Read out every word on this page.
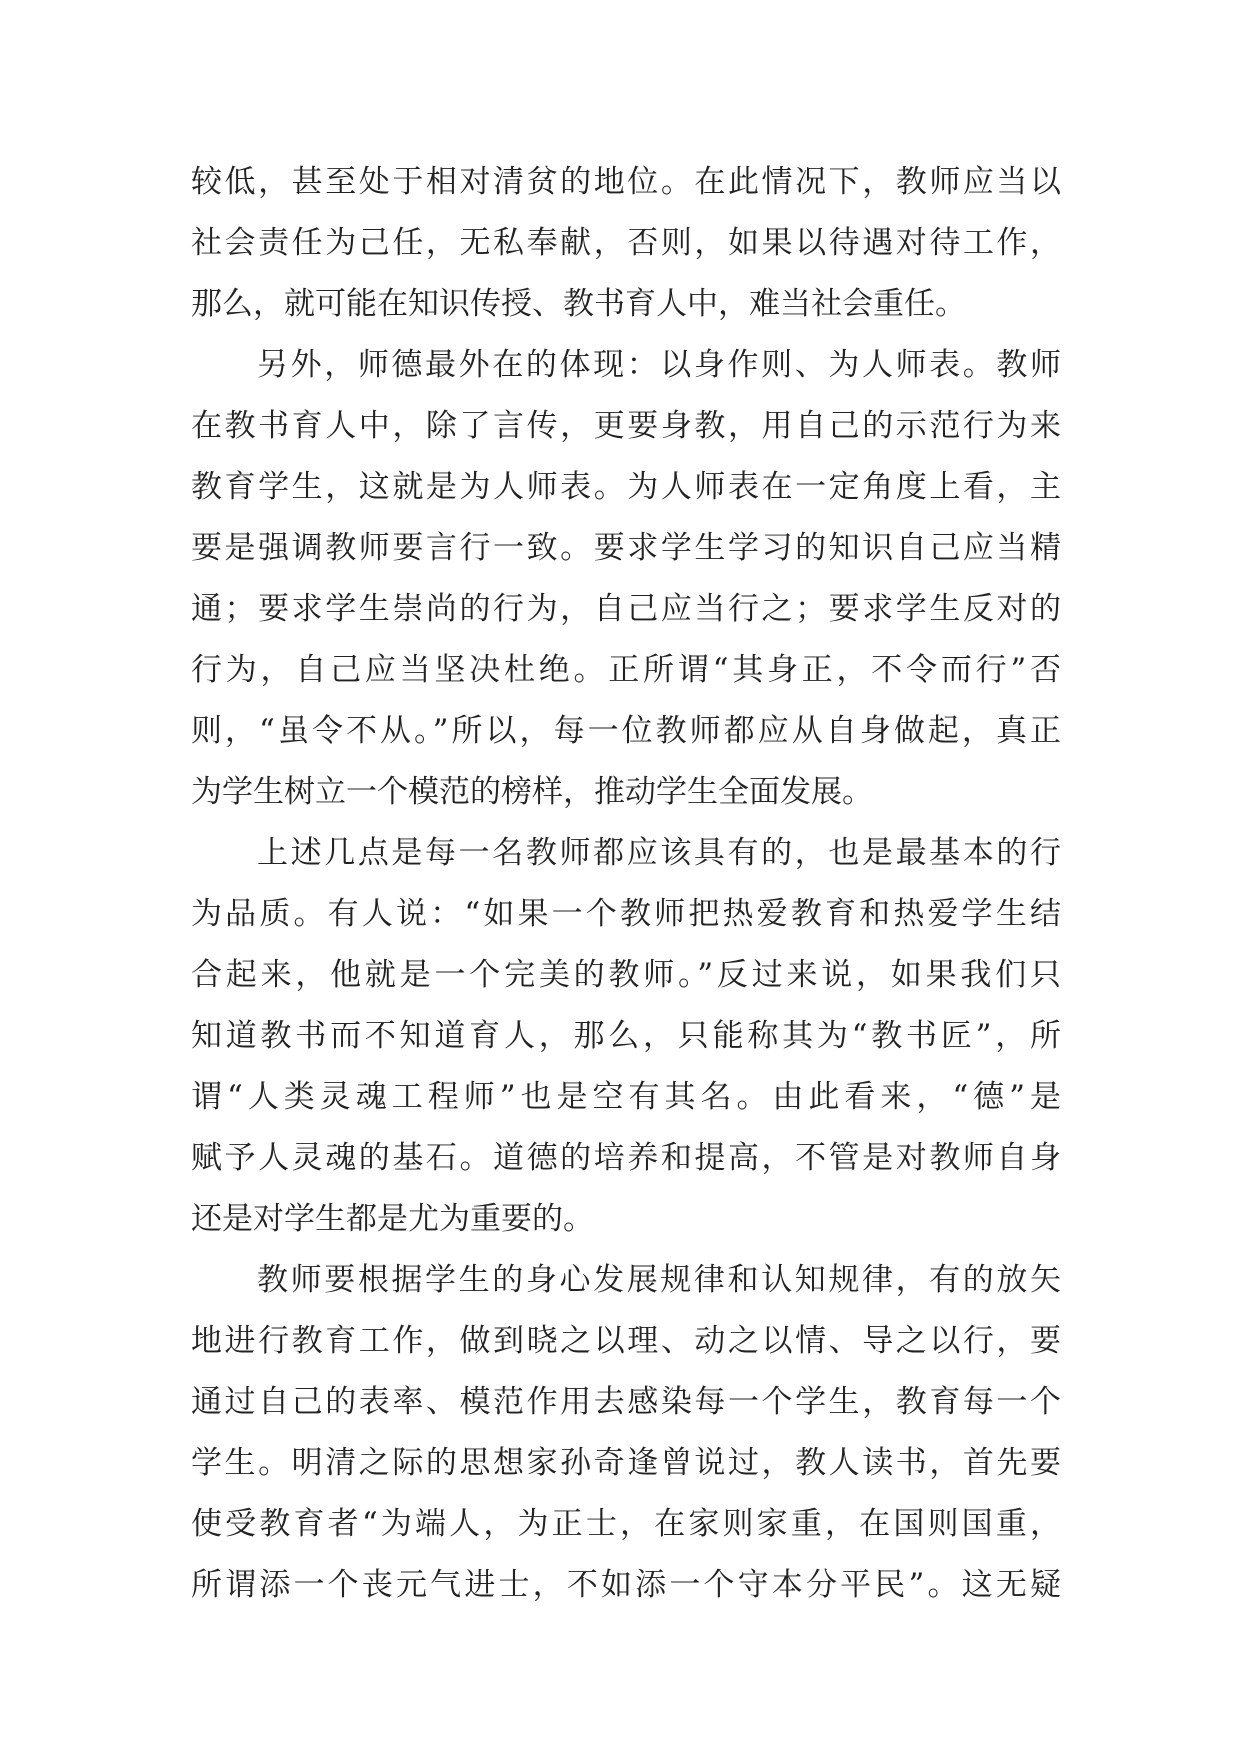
较低，甚至处于相对清贫的地位。在此情况下，教师应当以
社会责任为己任，无私奉献，否则，如果以待遇对待工作，
那么，就可能在知识传授、教书育人中，难当社会重任。
另外，师德最外在的体现：以身作则、为人师表。教师
在教书育人中，除了言传，更要身教，用自己的示范行为来
教育学生，这就是为人师表。为人师表在一定角度上看，主
要是强调教师要言行一致。要求学生学习的知识自己应当精
通；要求学生崇尚的行为，自己应当行之；要求学生反对的
行为，自己应当坚决杜绝。正所谓“其身正，不令而行”否
则，“虽令不从。”所以，每一位教师都应从自身做起，真正
为学生树立一个模范的榜样，推动学生全面发展。
上述几点是每一名教师都应该具有的，也是最基本的行
为品质。有人说：“如果一个教师把热爱教育和热爱学生结
合起来，他就是一个完美的教师。”反过来说，如果我们只
知道教书而不知道育人，那么，只能称其为“教书匠”，所
谓“人类灵魂工程师”也是空有其名。由此看来，“德”是
赋予人灵魂的基石。道德的培养和提高，不管是对教师自身
还是对学生都是尤为重要的。
教师要根据学生的身心发展规律和认知规律，有的放矢
地进行教育工作，做到晓之以理、动之以情、导之以行，要
通过自己的表率、模范作用去感染每一个学生，教育每一个
学生。明清之际的思想家孙奇逢曾说过，教人读书，首先要
使受教育者“为端人，为正士，在家则家重，在国则国重，
所谓添一个丧元气进士，不如添一个守本分平民”。这无疑
